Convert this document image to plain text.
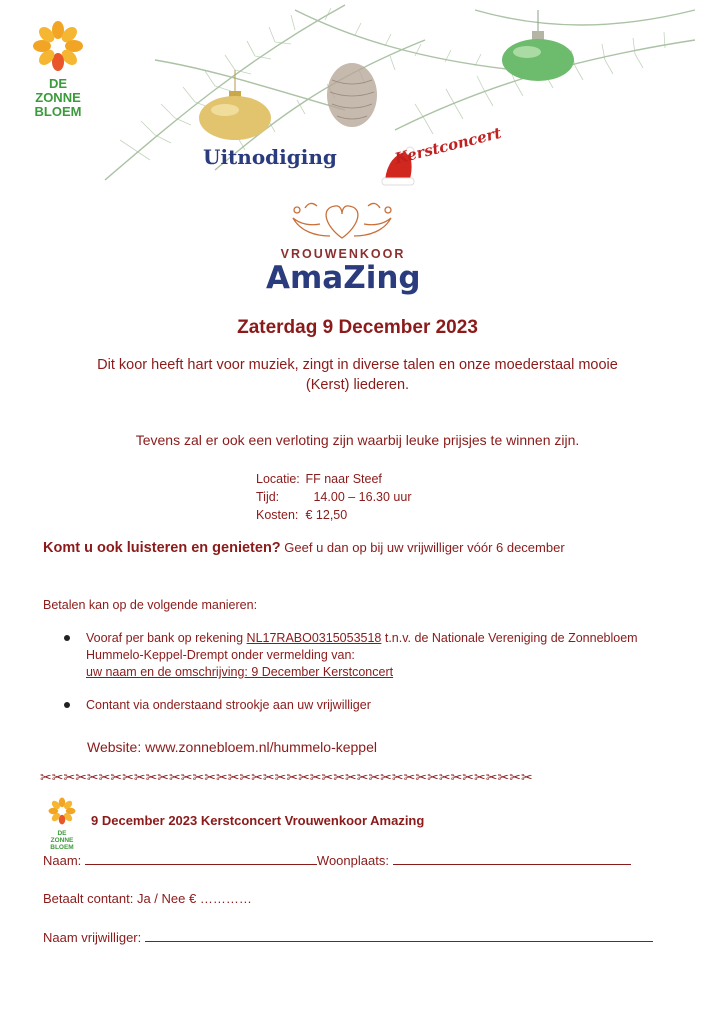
DE
ZONNE
BLOEM
Uitnodiging	Kerstconcert
VROUWENKOOR
AmaZing
Zaterdag 9 December 2023
Dit koor heeft hart voor muziek, zingt in diverse talen en onze moederstaal mooie (Kerst) liederen.
Tevens zal er ook een verloting zijn waarbij leuke prijsjes te winnen zijn.
Locatie: FF naar Steef
Tijd:	14.00 – 16.30 uur
Kosten: € 12,50
Komt u ook luisteren en genieten? Geef u dan op bij uw vrijwilliger vóór 6 december
Betalen kan op de volgende manieren:
Vooraf per bank op rekening NL17RABO0315053518 t.n.v. de Nationale Vereniging de Zonnebloem Hummelo-Keppel-Drempt onder vermelding van:
uw naam en de omschrijving: 9 December Kerstconcert
Contant via onderstaand strookje aan uw vrijwilliger
Website: www.zonnebloem.nl/hummelo-keppel
✂✂✂✂✂✂✂✂✂✂✂✂✂✂✂✂✂✂✂✂✂✂✂✂✂✂✂✂✂✂✂✂✂✂✂✂✂✂✂✂✂✂
DE
ZONNE
BLOEM
9 December 2023 Kerstconcert Vrouwenkoor Amazing
Naam:	Woonplaats:
Betaalt contant: Ja / Nee € …………
Naam vrijwilliger:
